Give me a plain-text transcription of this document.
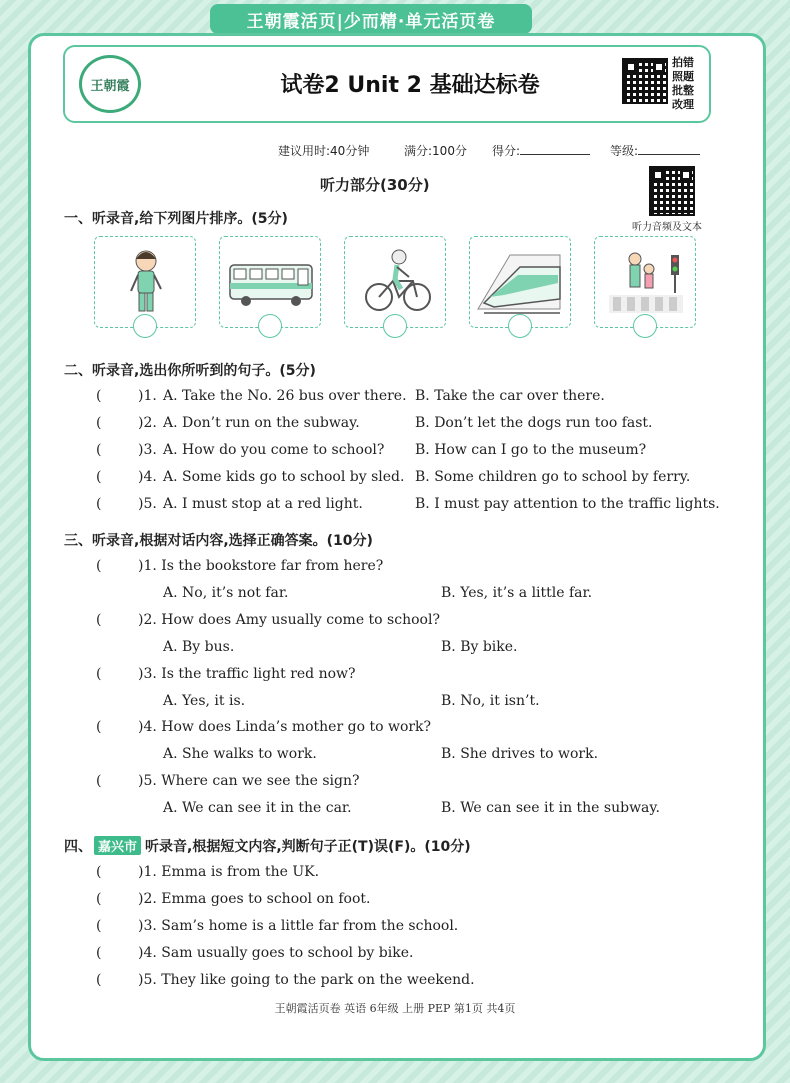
王朝霞活页|少而精·单元活页卷
王朝霞	试卷2 Unit 2 基础达标卷
拍错
照题
批整
改理
建议用时:40分钟	满分:100分 得分:	等级:
听力部分(30分)
听力音频及文本
一、听录音,给下列图片排序。(5分)
二、听录音,选出你所听到的句子。(5分)
(	)1. A. Take the No. 26 bus over there. B. Take the car over there.
(	)2. A. Don’t run on the subway.	B. Don’t let the dogs run too fast.
(	)3. A. How do you come to school? B. How can I go to the museum?
(	)4. A. Some kids go to school by sled. B. Some children go to school by ferry.
(	)5. A. I must stop at a red light.	B. I must pay attention to the traffic lights.
三、听录音,根据对话内容,选择正确答案。(10分)
(	)1. Is the bookstore far from here?
A. No, it’s not far.	B. Yes, it’s a little far.
(	)2. How does Amy usually come to school?
A. By bus.	B. By bike.
(	)3. Is the traffic light red now?
A. Yes, it is.	B. No, it isn’t.
(	)4. How does Linda’s mother go to work?
A. She walks to work.	B. She drives to work.
(	)5. Where can we see the sign?
A. We can see it in the car.	B. We can see it in the subway.
四、 嘉兴市 听录音,根据短文内容,判断句子正(T)误(F)。(10分)
(	)1. Emma is from the UK.
(	)2. Emma goes to school on foot.
(	)3. Sam’s home is a little far from the school.
(	)4. Sam usually goes to school by bike.
(	)5. They like going to the park on the weekend.
王朝霞活页卷 英语 6年级 上册 PEP 第1页 共4页
